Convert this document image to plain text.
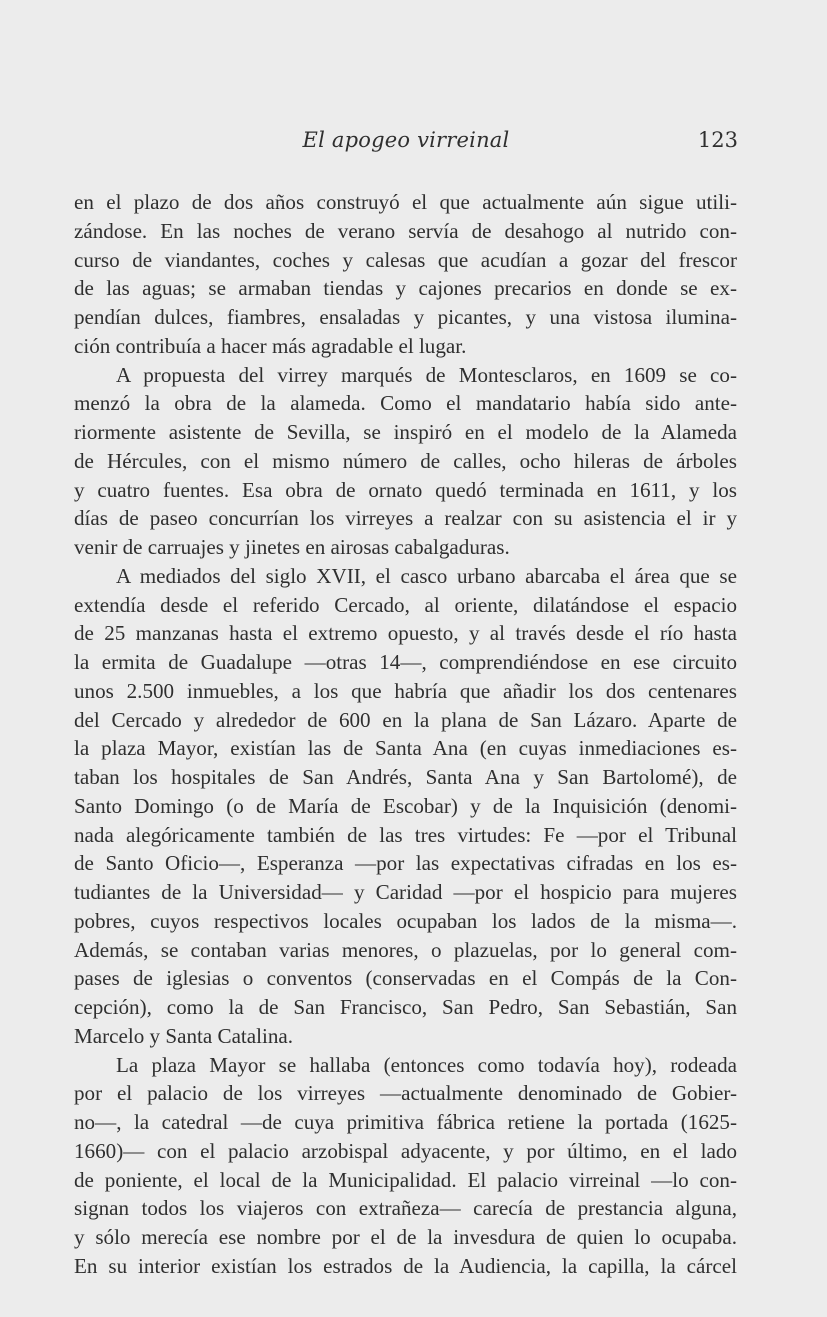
El apogeo virreinal	123
en el plazo de dos años construyó el que actualmente aún sigue utili-
zándose. En las noches de verano servía de desahogo al nutrido con-
curso de viandantes, coches y calesas que acudían a gozar del frescor
de las aguas; se armaban tiendas y cajones precarios en donde se ex-
pendían dulces, fiambres, ensaladas y picantes, y una vistosa ilumina-
ción contribuía a hacer más agradable el lugar.
A propuesta del virrey marqués de Montesclaros, en 1609 se co-
menzó la obra de la alameda. Como el mandatario había sido ante-
riormente asistente de Sevilla, se inspiró en el modelo de la Alameda
de Hércules, con el mismo número de calles, ocho hileras de árboles
y cuatro fuentes. Esa obra de ornato quedó terminada en 1611, y los
días de paseo concurrían los virreyes a realzar con su asistencia el ir y
venir de carruajes y jinetes en airosas cabalgaduras.
A mediados del siglo XVII, el casco urbano abarcaba el área que se
extendía desde el referido Cercado, al oriente, dilatándose el espacio
de 25 manzanas hasta el extremo opuesto, y al través desde el río hasta
la ermita de Guadalupe —otras 14—, comprendiéndose en ese circuito
unos 2.500 inmuebles, a los que habría que añadir los dos centenares
del Cercado y alrededor de 600 en la plana de San Lázaro. Aparte de
la plaza Mayor, existían las de Santa Ana (en cuyas inmediaciones es-
taban los hospitales de San Andrés, Santa Ana y San Bartolomé), de
Santo Domingo (o de María de Escobar) y de la Inquisición (denomi-
nada alegóricamente también de las tres virtudes: Fe —por el Tribunal
de Santo Oficio—, Esperanza —por las expectativas cifradas en los es-
tudiantes de la Universidad— y Caridad —por el hospicio para mujeres
pobres, cuyos respectivos locales ocupaban los lados de la misma—.
Además, se contaban varias menores, o plazuelas, por lo general com-
pases de iglesias o conventos (conservadas en el Compás de la Con-
cepción), como la de San Francisco, San Pedro, San Sebastián, San
Marcelo y Santa Catalina.
La plaza Mayor se hallaba (entonces como todavía hoy), rodeada
por el palacio de los virreyes —actualmente denominado de Gobier-
no—, la catedral —de cuya primitiva fábrica retiene la portada (1625-
1660)— con el palacio arzobispal adyacente, y por último, en el lado
de poniente, el local de la Municipalidad. El palacio virreinal —lo con-
signan todos los viajeros con extrañeza— carecía de prestancia alguna,
y sólo merecía ese nombre por el de la invesdura de quien lo ocupaba.
En su interior existían los estrados de la Audiencia, la capilla, la cárcel
